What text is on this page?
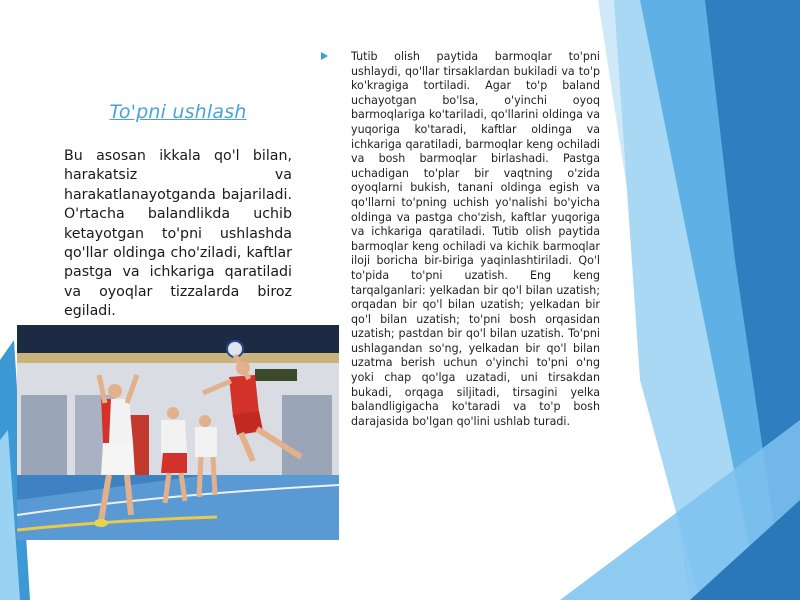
To'pni ushlash
Bu asosan ikkala qo'l bilan, harakatsiz va harakatlanayotganda bajariladi. O'rtacha balandlikda uchib ketayotgan to'pni ushlashda qo'llar oldinga cho'ziladi, kaftlar pastga va ichkariga qaratiladi va oyoqlar tizzalarda biroz egiladi.
Tutib olish paytida barmoqlar to'pni ushlaydi, qo'llar tirsaklardan bukiladi va to'p ko'kragiga tortiladi. Agar to'p baland uchayotgan bo'lsa, o'yinchi oyoq barmoqlariga ko'tariladi, qo'llarini oldinga va yuqoriga ko'taradi, kaftlar oldinga va ichkariga qaratiladi, barmoqlar keng ochiladi va bosh barmoqlar birlashadi. Pastga uchadigan to'plar bir vaqtning o'zida oyoqlarni bukish, tanani oldinga egish va qo'llarni to'pning uchish yo'nalishi bo'yicha oldinga va pastga cho'zish, kaftlar yuqoriga va ichkariga qaratiladi. Tutib olish paytida barmoqlar keng ochiladi va kichik barmoqlar iloji boricha bir-biriga yaqinlashtiriladi. Qo'l to'pida to'pni uzatish. Eng keng tarqalganlari: yelkadan bir qo'l bilan uzatish; orqadan bir qo'l bilan uzatish; yelkadan bir qo'l bilan uzatish; to'pni bosh orqasidan uzatish; pastdan bir qo'l bilan uzatish. To'pni ushlagandan so'ng, yelkadan bir qo'l bilan uzatma berish uchun o'yinchi to'pni o'ng yoki chap qo'lga uzatadi, uni tirsakdan bukadi, orqaga siljitadi, tirsagini yelka balandligigacha ko'taradi va to'p bosh darajasida bo'lgan qo'lini ushlab turadi.
